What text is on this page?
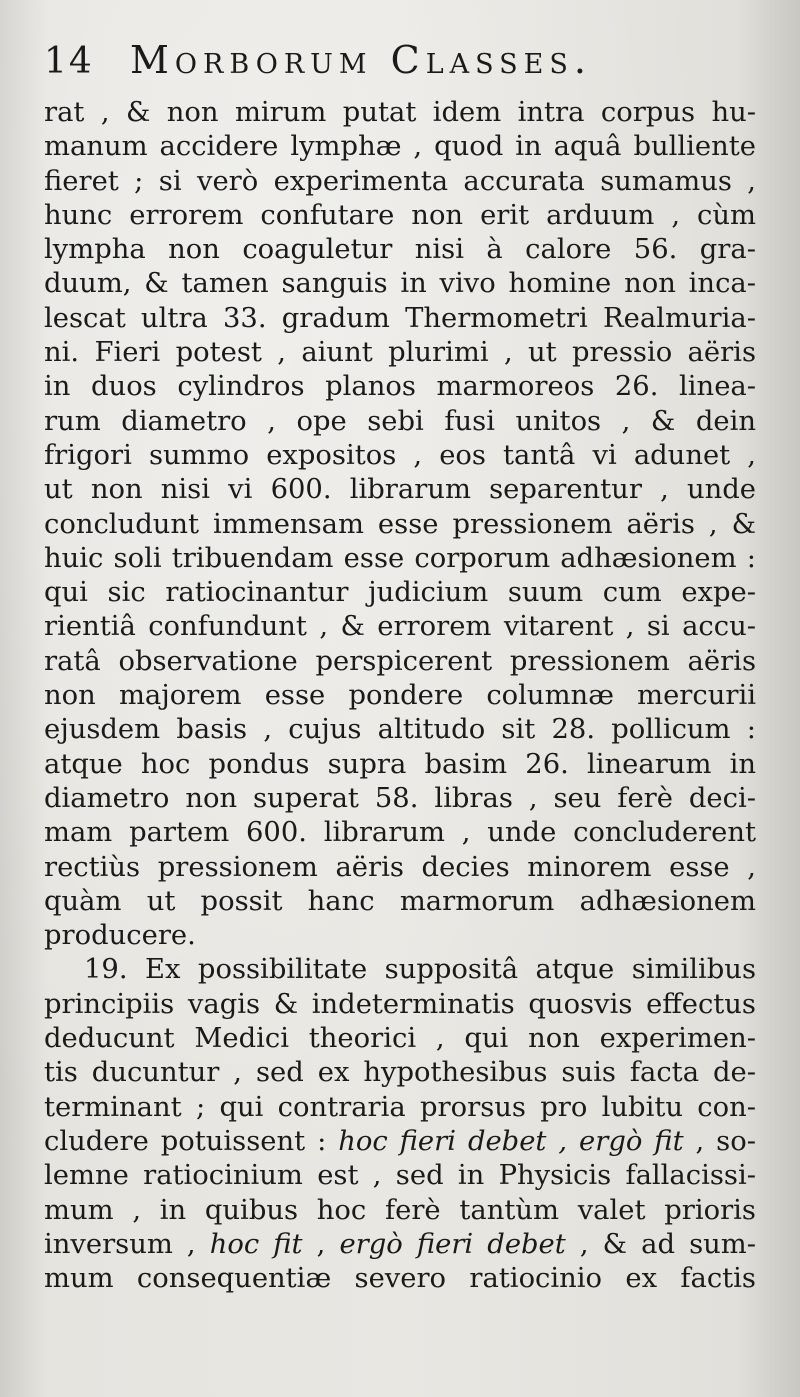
14 Morborum Classes.
rat , & non mirum putat idem intra corpus hu-
manum accidere lymphæ , quod in aquâ bulliente
fieret ; si verò experimenta accurata sumamus ,
hunc errorem confutare non erit arduum , cùm
lympha non coaguletur nisi à calore 56. gra-
duum, & tamen sanguis in vivo homine non inca-
lescat ultra 33. gradum Thermometri Realmuria-
ni. Fieri potest , aiunt plurimi , ut pressio aëris
in duos cylindros planos marmoreos 26. linea-
rum diametro , ope sebi fusi unitos , & dein
frigori summo expositos , eos tantâ vi adunet ,
ut non nisi vi 600. librarum separentur , unde
concludunt immensam esse pressionem aëris , &
huic soli tribuendam esse corporum adhæsionem :
qui sic ratiocinantur judicium suum cum expe-
rientiâ confundunt , & errorem vitarent , si accu-
ratâ observatione perspicerent pressionem aëris
non majorem esse pondere columnæ mercurii
ejusdem basis , cujus altitudo sit 28. pollicum :
atque hoc pondus supra basim 26. linearum in
diametro non superat 58. libras , seu ferè deci-
mam partem 600. librarum , unde concluderent
rectiùs pressionem aëris decies minorem esse ,
quàm ut possit hanc marmorum adhæsionem
producere.
19. Ex possibilitate suppositâ atque similibus
principiis vagis & indeterminatis quosvis effectus
deducunt Medici theorici , qui non experimen-
tis ducuntur , sed ex hypothesibus suis facta de-
terminant ; qui contraria prorsus pro lubitu con-
cludere potuissent : hoc fieri debet , ergò fit , so-
lemne ratiocinium est , sed in Physicis fallacissi-
mum , in quibus hoc ferè tantùm valet prioris
inversum , hoc fit , ergò fieri debet , & ad sum-
mum consequentiæ severo ratiocinio ex factis
